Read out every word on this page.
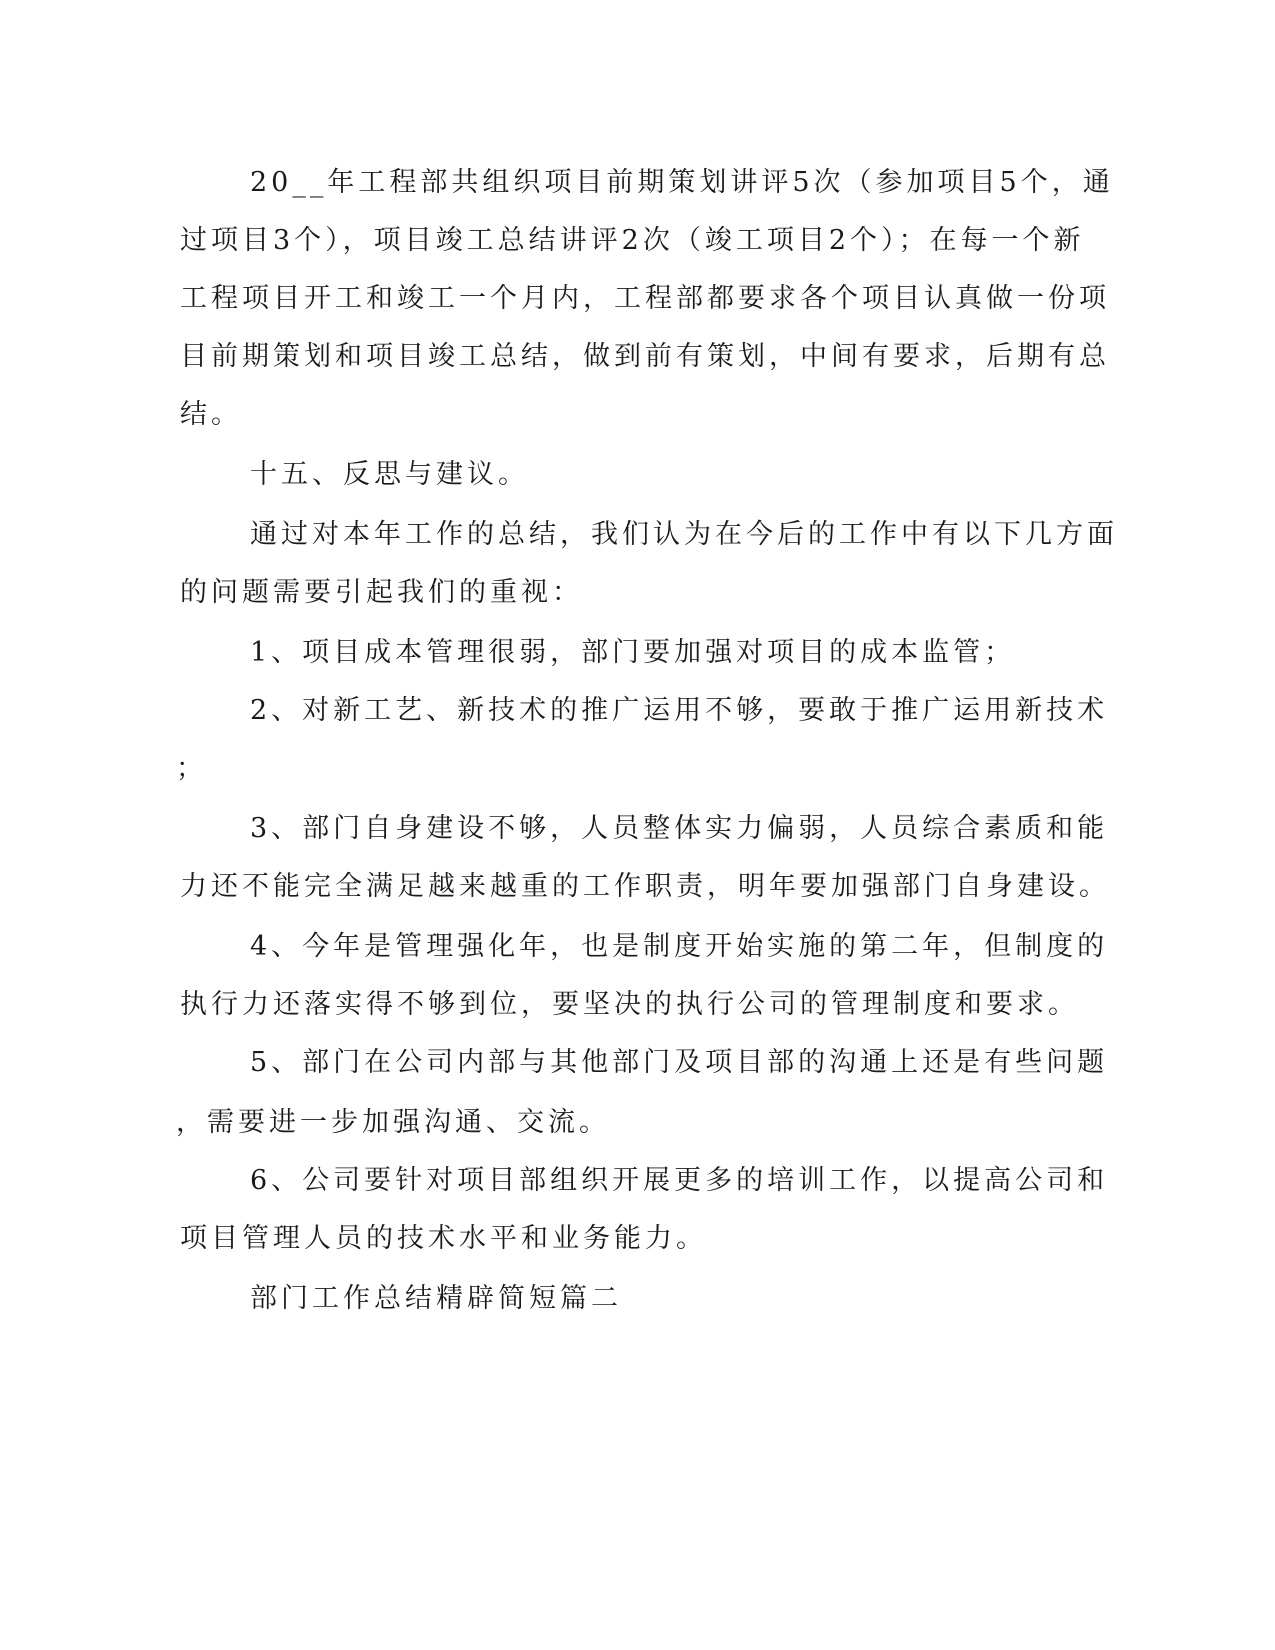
20__年工程部共组织项目前期策划讲评5次（参加项目5个，通

过项目3个），项目竣工总结讲评2次（竣工项目2个）；在每一个新

工程项目开工和竣工一个月内，工程部都要求各个项目认真做一份项

目前期策划和项目竣工总结，做到前有策划，中间有要求，后期有总

结。

十五、反思与建议。

通过对本年工作的总结，我们认为在今后的工作中有以下几方面

的问题需要引起我们的重视：

1、项目成本管理很弱，部门要加强对项目的成本监管；

2、对新工艺、新技术的推广运用不够，要敢于推广运用新技术

；

3、部门自身建设不够，人员整体实力偏弱，人员综合素质和能

力还不能完全满足越来越重的工作职责，明年要加强部门自身建设。

4、今年是管理强化年，也是制度开始实施的第二年，但制度的

执行力还落实得不够到位，要坚决的执行公司的管理制度和要求。

5、部门在公司内部与其他部门及项目部的沟通上还是有些问题

，需要进一步加强沟通、交流。

6、公司要针对项目部组织开展更多的培训工作，以提高公司和

项目管理人员的技术水平和业务能力。

部门工作总结精辟简短篇二
